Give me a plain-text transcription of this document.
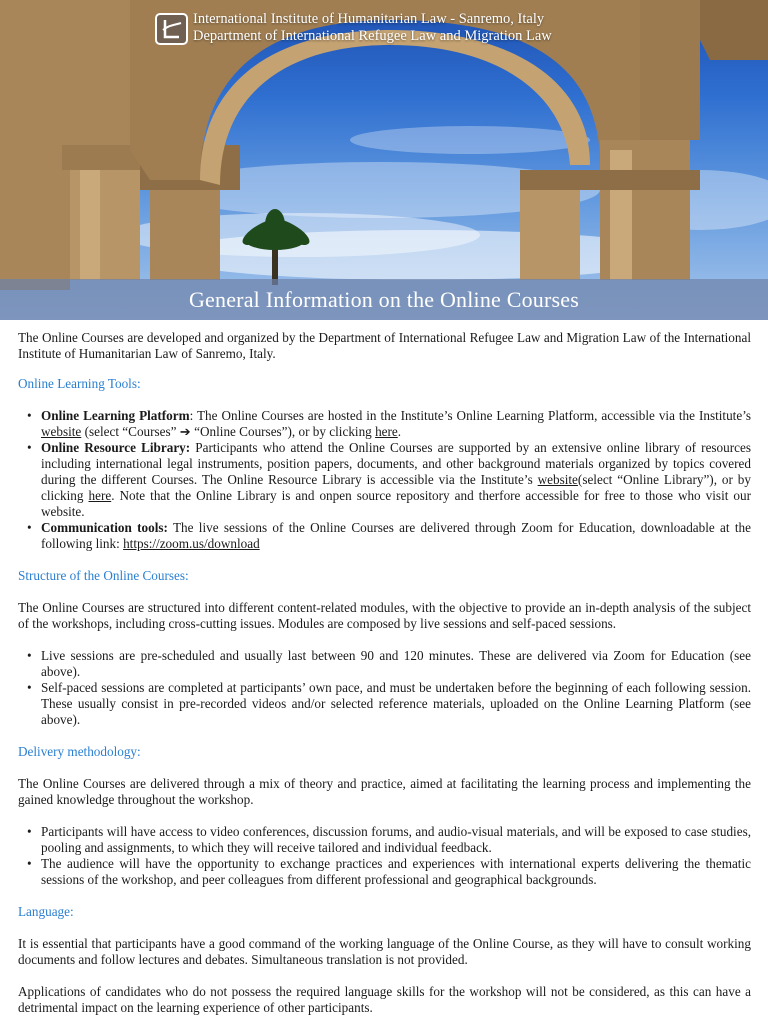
International Institute of Humanitarian Law - Sanremo, Italy
Department of International Refugee Law and Migration Law
General Information on the Online Courses

The Online Courses are developed and organized by the Department of International Refugee Law and Migration Law of the International Institute of Humanitarian Law of Sanremo, Italy.

Online Learning Tools:
• Online Learning Platform: The Online Courses are hosted in the Institute’s Online Learning Platform, accessible via the Institute’s website (select “Courses” ➔ “Online Courses”), or by clicking here.
• Online Resource Library: Participants who attend the Online Courses are supported by an extensive online library of resources including international legal instruments, position papers, documents, and other background materials organized by topics covered during the different Courses. The Online Resource Library is accessible via the Institute’s website(select “Online Library”), or by clicking here. Note that the Online Library is and onpen source repository and therfore accessible for free to those who visit our website.
• Communication tools: The live sessions of the Online Courses are delivered through Zoom for Education, downloadable at the following link: https://zoom.us/download
Structure of the Online Courses:

The Online Courses are structured into different content-related modules, with the objective to provide an in-depth analysis of the subject of the workshops, including cross-cutting issues. Modules are composed by live sessions and self-paced sessions.

• Live sessions are pre-scheduled and usually last between 90 and 120 minutes. These are delivered via Zoom for Education (see above).
• Self-paced sessions are completed at participants’ own pace, and must be undertaken before the beginning of each following session. These usually consist in pre-recorded videos and/or selected reference materials, uploaded on the Online Learning Platform (see above).
Delivery methodology:

The Online Courses are delivered through a mix of theory and practice, aimed at facilitating the learning process and implementing the gained knowledge throughout the workshop.

• Participants will have access to video conferences, discussion forums, and audio-visual materials, and will be exposed to case studies, pooling and assignments, to which they will receive tailored and individual feedback.
• The audience will have the opportunity to exchange practices and experiences with international experts delivering the thematic sessions of the workshop, and peer colleagues from different professional and geographical backgrounds.
Language:

It is essential that participants have a good command of the working language of the Online Course, as they will have to consult working documents and follow lectures and debates. Simultaneous translation is not provided.

Applications of candidates who do not possess the required language skills for the workshop will not be considered, as this can have a detrimental impact on the learning experience of other participants.
